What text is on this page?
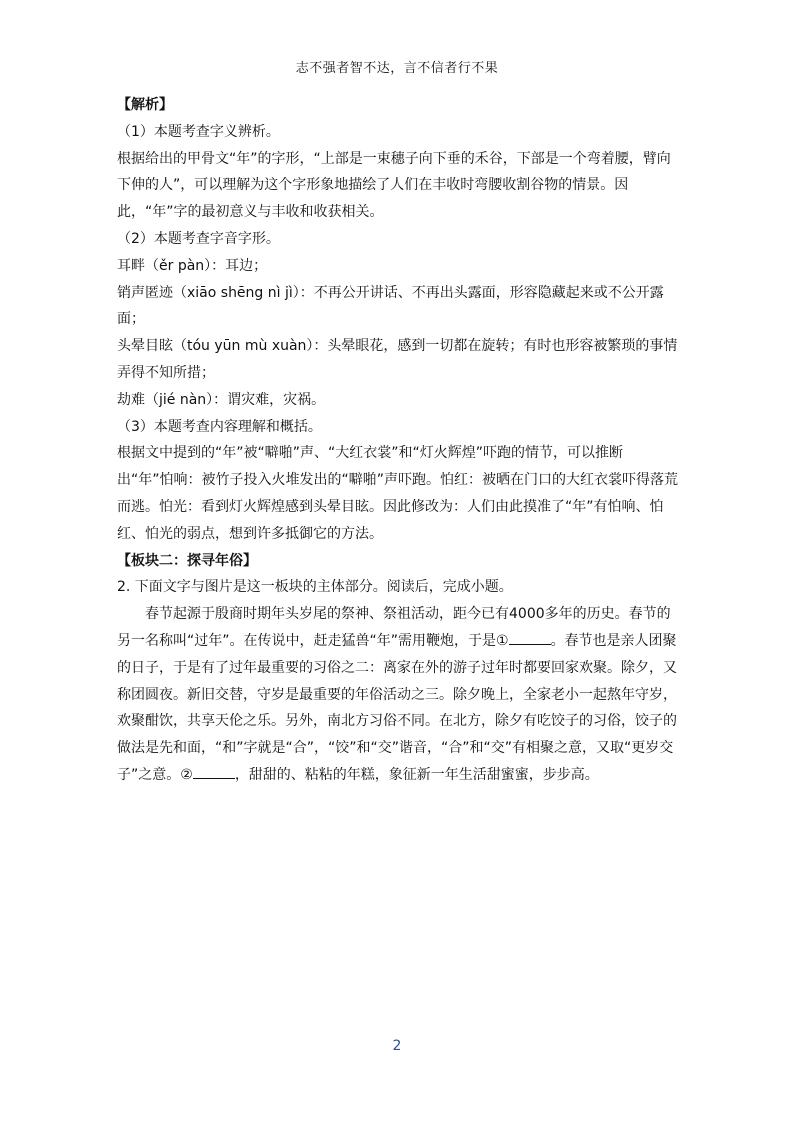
志不强者智不达，言不信者行不果

【解析】

（1）本题考查字义辨析。

根据给出的甲骨文“年”的字形，“上部是一束穗子向下垂的禾谷，下部是一个弯着腰，臂向下伸的人”，可以理解为这个字形象地描绘了人们在丰收时弯腰收割谷物的情景。因此，“年”字的最初意义与丰收和收获相关。

（2）本题考查字音字形。

耳畔（ěr pàn）：耳边；

销声匿迹（xiāo shēng nì jì）：不再公开讲话、不再出头露面，形容隐藏起来或不公开露面；

头晕目眩（tóu yūn mù xuàn）：头晕眼花，感到一切都在旋转；有时也形容被繁琐的事情弄得不知所措；

劫难（jié nàn）：谓灾难，灾祸。

（3）本题考查内容理解和概括。

根据文中提到的“年”被“噼啪”声、“大红衣裳”和“灯火辉煌”吓跑的情节，可以推断出“年”怕响：被竹子投入火堆发出的“噼啪”声吓跑。怕红：被晒在门口的大红衣裳吓得落荒而逃。怕光：看到灯火辉煌感到头晕目眩。因此修改为：人们由此摸准了“年”有怕响、怕红、怕光的弱点，想到许多抵御它的方法。

【板块二：探寻年俗】

2. 下面文字与图片是这一板块的主体部分。阅读后，完成小题。

春节起源于殷商时期年头岁尾的祭神、祭祖活动，距今已有4000多年的历史。春节的另一名称叫“过年”。在传说中，赶走猛兽“年”需用鞭炮，于是①	。春节也是亲人团聚的日子，于是有了过年最重要的习俗之二：离家在外的游子过年时都要回家欢聚。除夕，又称团圆夜。新旧交替，守岁是最重要的年俗活动之三。除夕晚上，全家老小一起熬年守岁，欢聚酣饮，共享天伦之乐。另外，南北方习俗不同。在北方，除夕有吃饺子的习俗，饺子的做法是先和面，“和”字就是“合”，“饺”和“交”谐音，“合”和“交”有相聚之意，又取“更岁交子”之意。②	，甜甜的、粘粘的年糕，象征新一年生活甜蜜蜜，步步高。

2
